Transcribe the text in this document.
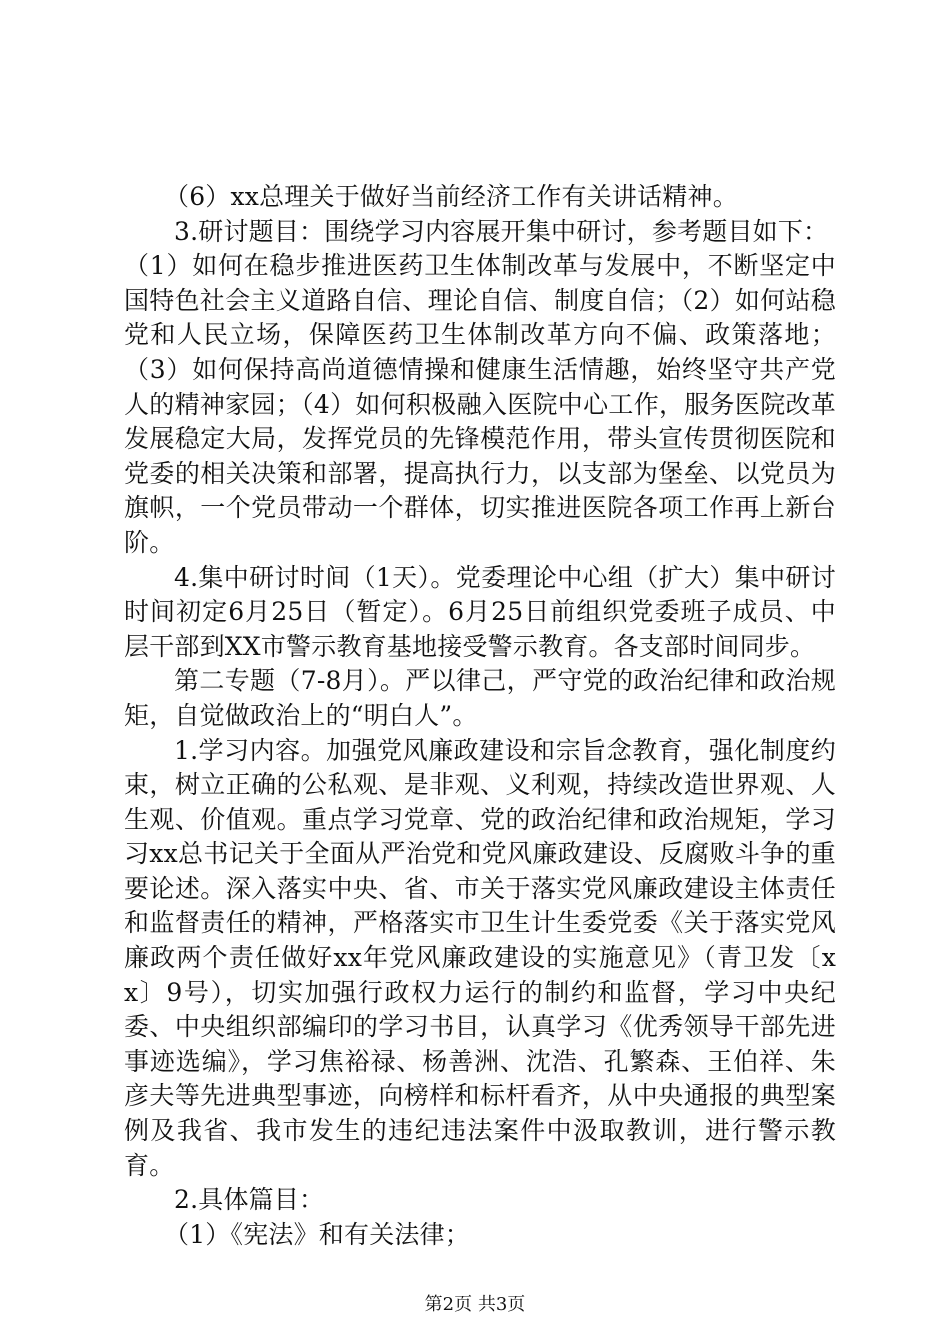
（6）xx总理关于做好当前经济工作有关讲话精神。

3.研讨题目：围绕学习内容展开集中研讨，参考题目如下：

（1）如何在稳步推进医药卫生体制改革与发展中，不断坚定中国特色社会主义道路自信、理论自信、制度自信；（2）如何站稳党和人民立场，保障医药卫生体制改革方向不偏、政策落地；（3）如何保持高尚道德情操和健康生活情趣，始终坚守共产党人的精神家园；（4）如何积极融入医院中心工作，服务医院改革发展稳定大局，发挥党员的先锋模范作用，带头宣传贯彻医院和党委的相关决策和部署，提高执行力，以支部为堡垒、以党员为旗帜，一个党员带动一个群体，切实推进医院各项工作再上新台阶。

4.集中研讨时间（1天）。党委理论中心组（扩大）集中研讨时间初定6月25日（暂定）。6月25日前组织党委班子成员、中层干部到XX市警示教育基地接受警示教育。各支部时间同步。

第二专题（7-8月）。严以律己，严守党的政治纪律和政治规矩，自觉做政治上的“明白人”。

1.学习内容。加强党风廉政建设和宗旨念教育，强化制度约束，树立正确的公私观、是非观、义利观，持续改造世界观、人生观、价值观。重点学习党章、党的政治纪律和政治规矩，学习习xx总书记关于全面从严治党和党风廉政建设、反腐败斗争的重要论述。深入落实中央、省、市关于落实党风廉政建设主体责任和监督责任的精神，严格落实市卫生计生委党委《关于落实党风廉政两个责任做好xx年党风廉政建设的实施意见》（青卫发〔xx〕9号），切实加强行政权力运行的制约和监督，学习中央纪委、中央组织部编印的学习书目，认真学习《优秀领导干部先进事迹选编》，学习焦裕禄、杨善洲、沈浩、孔繁森、王伯祥、朱彦夫等先进典型事迹，向榜样和标杆看齐，从中央通报的典型案例及我省、我市发生的违纪违法案件中汲取教训，进行警示教育。

2.具体篇目：

（1）《宪法》和有关法律；

第2页 共3页
